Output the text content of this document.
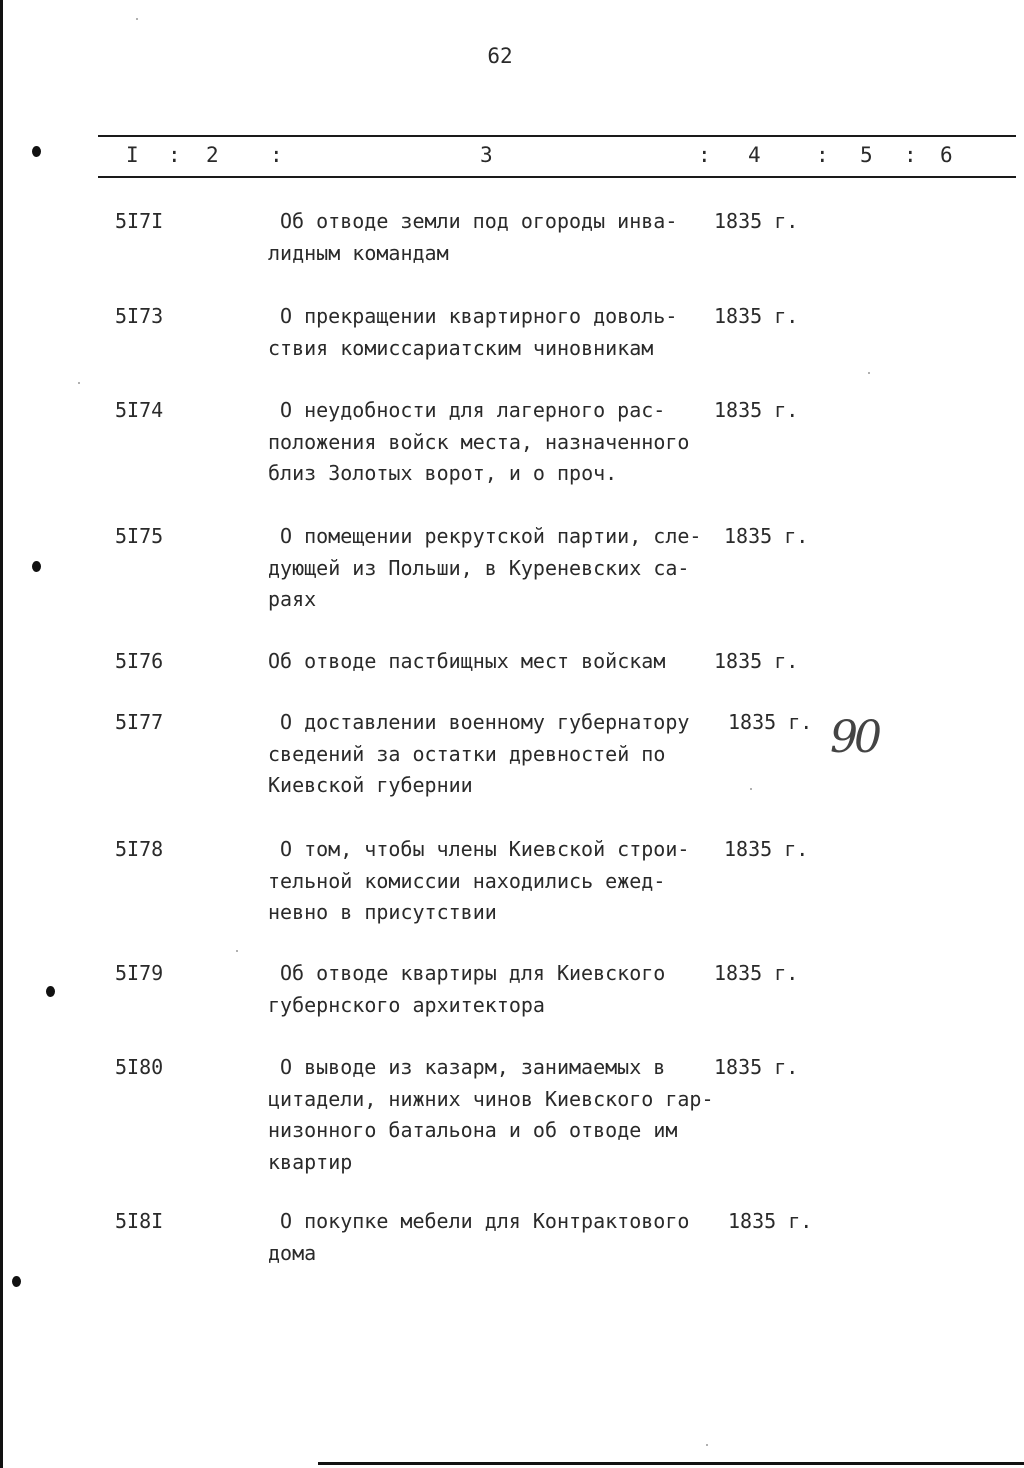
62
I : 2 :	3	: 4	: 5 : 6
5I7I	Об отводе земли под огороды инва-
лидным командам
1835 г.
5I73	О прекращении квартирного доволь-
ствия комиссариатским чиновникам
1835 г.
5I74	О неудобности для лагерного рас-
положения войск места, назначенного
близ Золотых ворот, и о проч.
1835 г.
5I75	О помещении рекрутской партии, сле-
дующей из Польши, в Куреневских са-
раях
1835 г.
5I76	Об отводе пастбищных мест войскам	1835 г.
5I77	О доставлении военному губернатору
сведений за остатки древностей по
Киевской губернии
1835 г. 90
5I78	О том, чтобы члены Киевской строи-
тельной комиссии находились ежед-
невно в присутствии
1835 г.
5I79	Об отводе квартиры для Киевского
губернского архитектора
1835 г.
5I80	О выводе из казарм, занимаемых в
цитадели, нижних чинов Киевского гар-
низонного батальона и об отводе им
квартир
1835 г.
5I8I	О покупке мебели для Контрактового
дома
1835 г.
